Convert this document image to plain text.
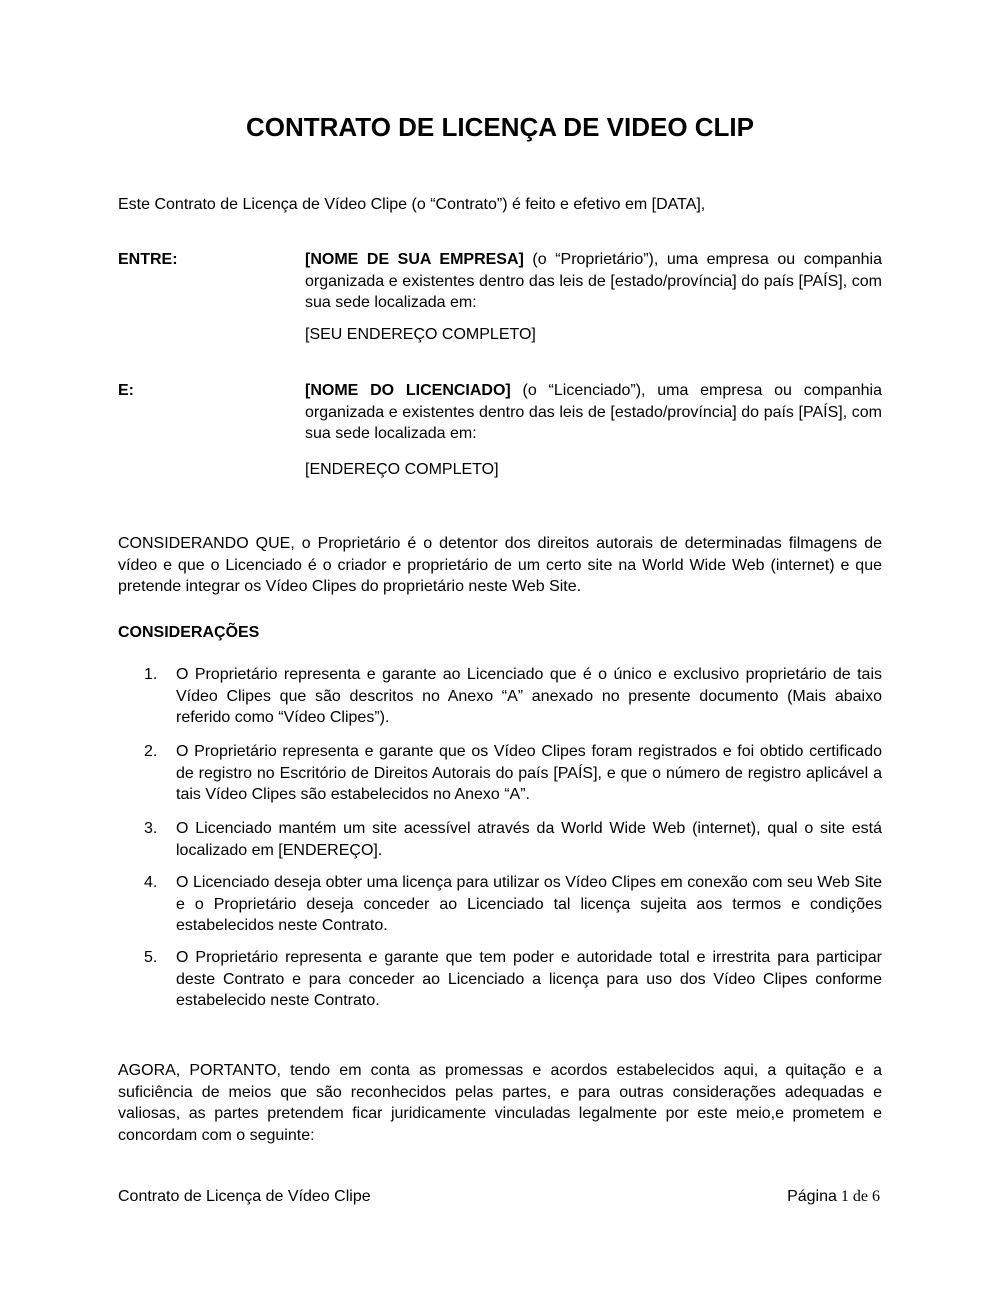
CONTRATO DE LICENÇA DE VIDEO CLIP

Este Contrato de Licença de Vídeo Clipe (o “Contrato”) é feito e efetivo em [DATA],

ENTRE:	[NOME DE SUA EMPRESA] (o “Proprietário”), uma empresa ou companhia organizada e existentes dentro das leis de [estado/província] do país [PAÍS], com sua sede localizada em:
[SEU ENDEREÇO COMPLETO]
E:	[NOME DO LICENCIADO] (o “Licenciado”), uma empresa ou companhia organizada e existentes dentro das leis de [estado/província] do país [PAÍS], com sua sede localizada em:
[ENDEREÇO COMPLETO]

CONSIDERANDO QUE, o Proprietário é o detentor dos direitos autorais de determinadas filmagens de vídeo e que o Licenciado é o criador e proprietário de um certo site na World Wide Web (internet) e que pretende integrar os Vídeo Clipes do proprietário neste Web Site.

CONSIDERAÇÕES
1.	O Proprietário representa e garante ao Licenciado que é o único e exclusivo proprietário de tais Vídeo Clipes que são descritos no Anexo “A” anexado no presente documento (Mais abaixo referido como “Vídeo Clipes”).
2.	O Proprietário representa e garante que os Vídeo Clipes foram registrados e foi obtido certificado de registro no Escritório de Direitos Autorais do país [PAÍS], e que o número de registro aplicável a tais Vídeo Clipes são estabelecidos no Anexo “A”.
3.	O Licenciado mantém um site acessível através da World Wide Web (internet), qual o site está localizado em [ENDEREÇO].
4.	O Licenciado deseja obter uma licença para utilizar os Vídeo Clipes em conexão com seu Web Site e o Proprietário deseja conceder ao Licenciado tal licença sujeita aos termos e condições estabelecidos neste Contrato.
5.	O Proprietário representa e garante que tem poder e autoridade total e irrestrita para participar deste Contrato e para conceder ao Licenciado a licença para uso dos Vídeo Clipes conforme estabelecido neste Contrato.

AGORA, PORTANTO, tendo em conta as promessas e acordos estabelecidos aqui, a quitação e a suficiência de meios que são reconhecidos pelas partes, e para outras considerações adequadas e valiosas, as partes pretendem ficar juridicamente vinculadas legalmente por este meio,e prometem e concordam com o seguinte:

Contrato de Licença de Vídeo Clipe	Página 1 de 6
